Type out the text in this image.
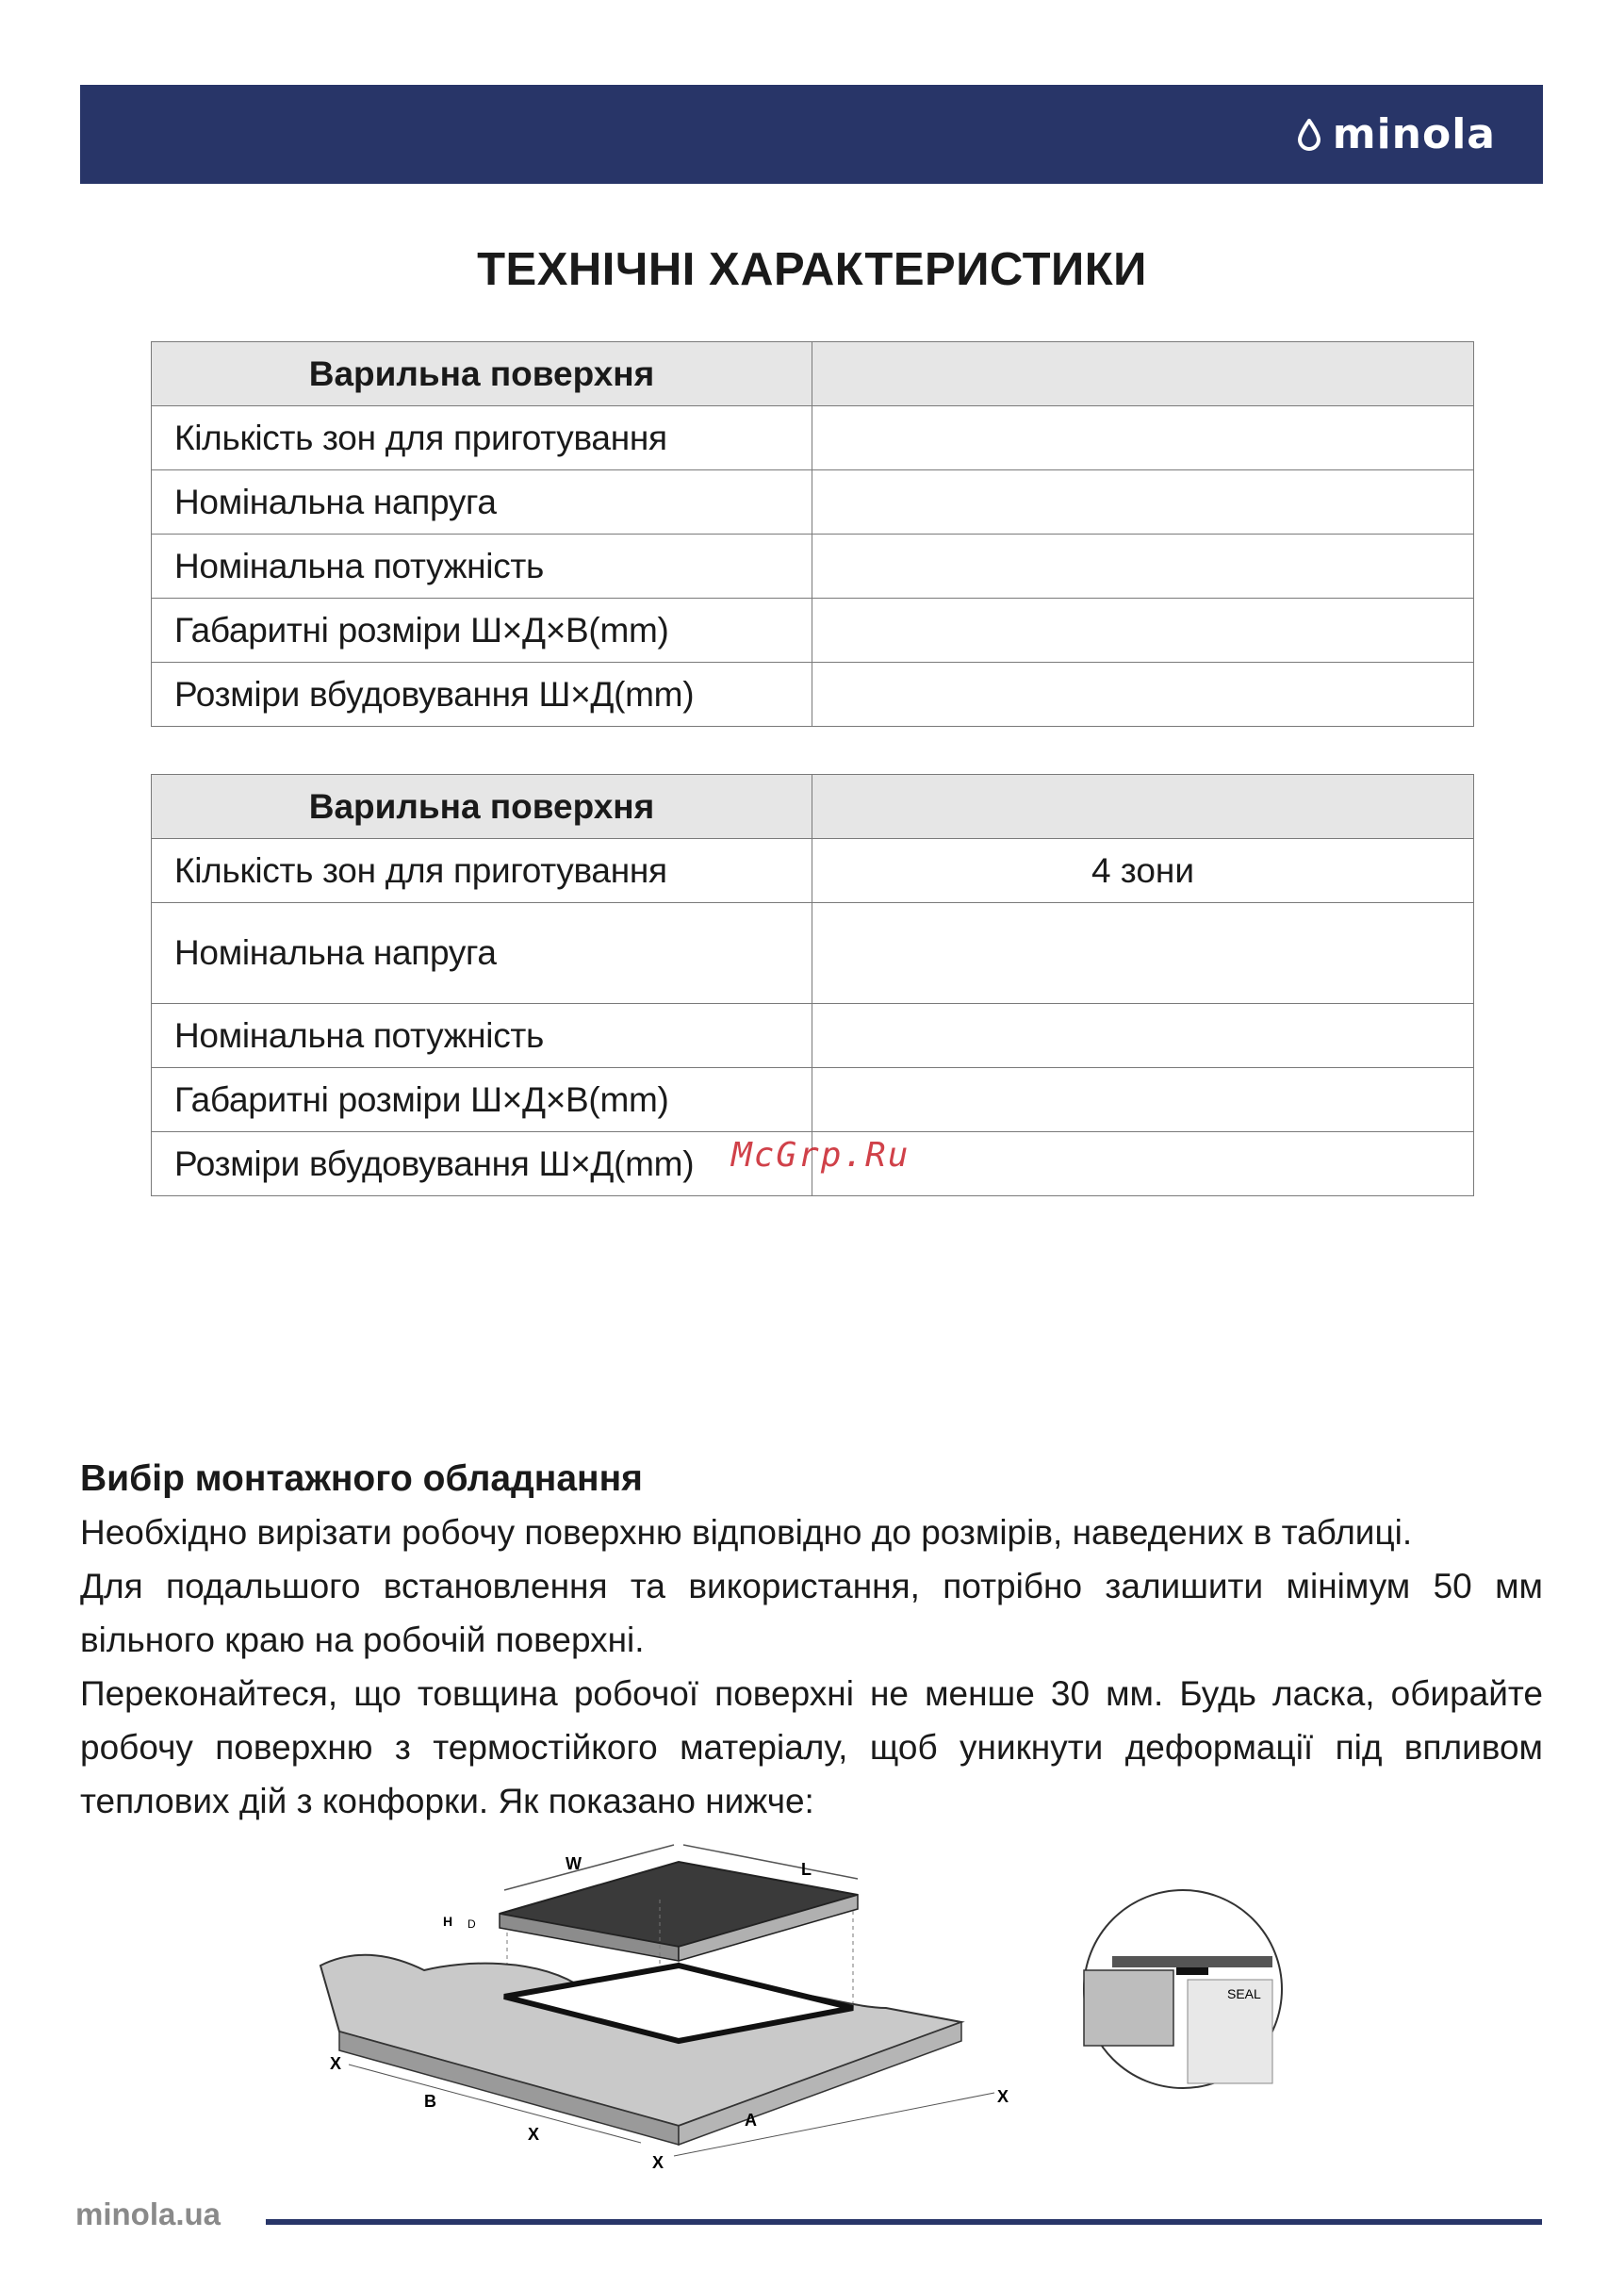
minola
ТЕХНІЧНІ ХАРАКТЕРИСТИКИ
Варильна поверхня	
Кількість зон для приготування	
Номінальна напруга	
Номінальна потужність	
Габаритні розміри Ш×Д×В(mm)	
Розміри вбудовування Ш×Д(mm)	
Варильна поверхня	
Кількість зон для приготування	4 зони
Номінальна напруга	
Номінальна потужність	
Габаритні розміри Ш×Д×В(mm)	
Розміри вбудовування Ш×Д(mm)	McGrp.Ru
Вибір монтажного обладнання

Необхідно вирізати робочу поверхню відповідно до розмірів, наведених в таблиці.

Для подальшого встановлення та використання, потрібно залишити мінімум 50 мм вільного краю на робочій поверхні.

Переконайтеся, що товщина робочої поверхні не менше 30 мм. Будь ласка, обирайте робочу поверхню з термостійкого матеріалу, щоб уникнути деформації під впливом теплових дій з конфорки. Як показано нижче:

W	L
H D
X
B
X
A
X
X
SEAL
minola.ua
